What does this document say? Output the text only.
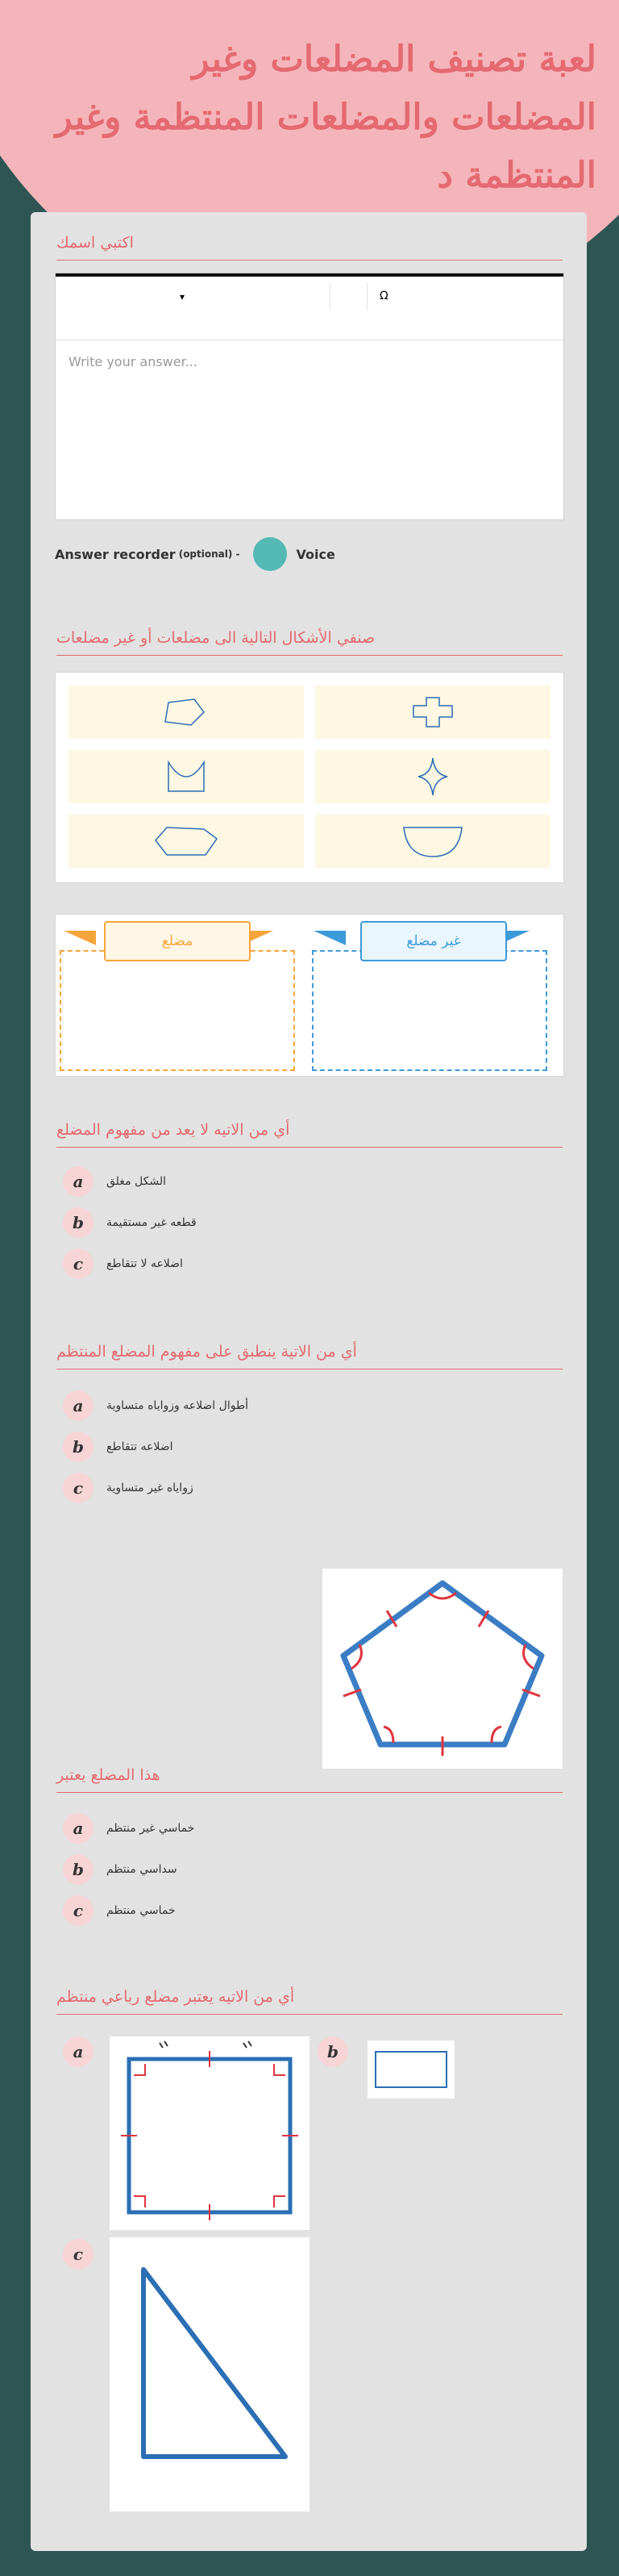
لعبة تصنيف المضلعات وغير المضلعات والمضلعات المنتظمة وغير المنتظمة د
اكتبي اسمك
▾	Ω
Write your answer...
Answer recorder (optional) -	Voice
صنفي الأشكال التالية الى مضلعات أو غير مضلعات
مضلع	غير مضلع
أي من الاتيه لا يعد من مفهوم المضلع
a	الشكل مغلق
b	قطعه غير مستقيمة
c	اضلاعه لا تتقاطع
أي من الاتية ينطبق على مفهوم المضلع المنتظم
a	أطوال اضلاعه وزواياه متساوية
b	اضلاعه تتقاطع
c	زواياه غير متساوية
هذا المضلع يعتبر
a	خماسي غير منتظم
b	سداسي منتظم
c	خماسي منتظم
أي من الاتيه يعتبر مضلع رباعي منتظم
a	b
c
